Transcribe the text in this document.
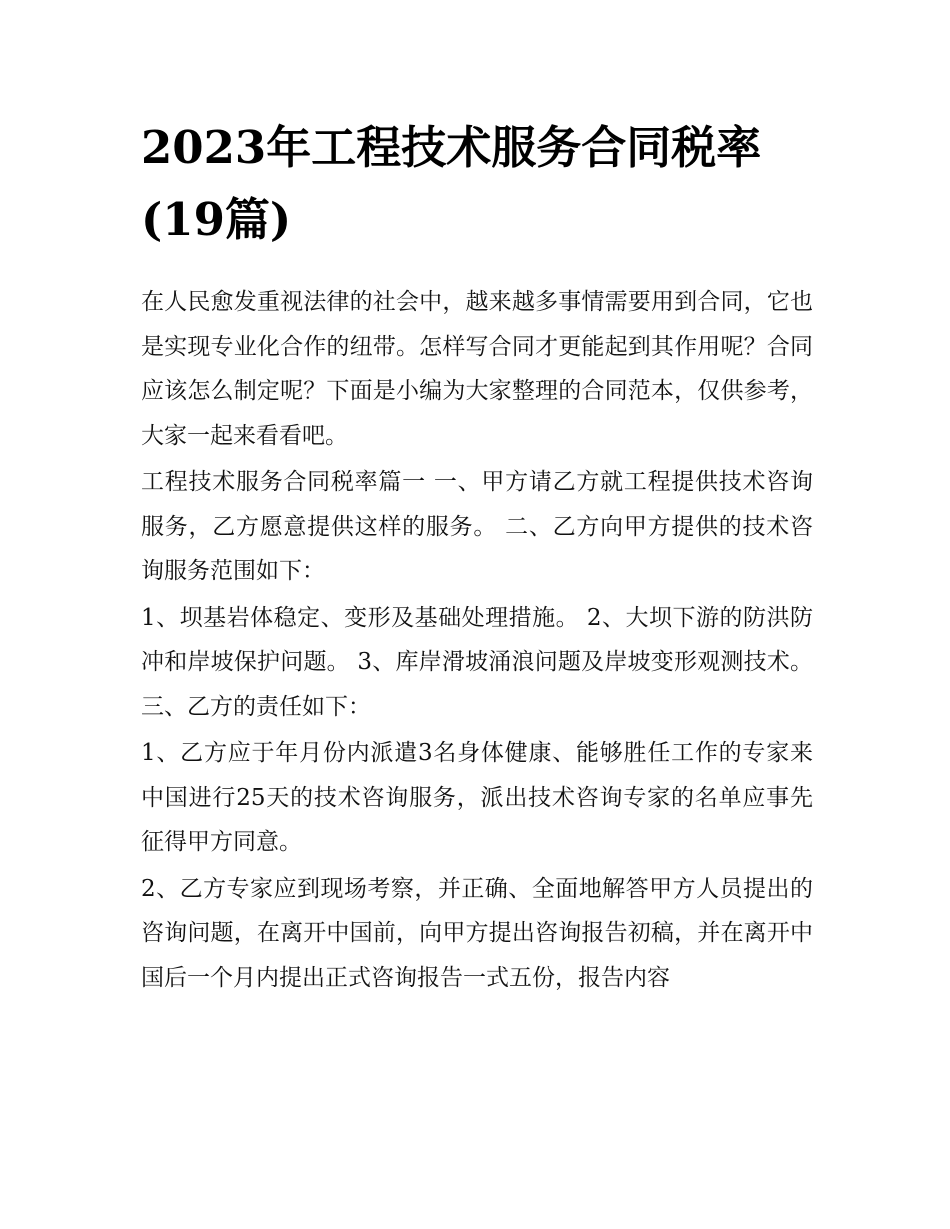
2023年工程技术服务合同税率(19篇)

在人民愈发重视法律的社会中，越来越多事情需要用到合同，它也是实现专业化合作的纽带。怎样写合同才更能起到其作用呢？合同应该怎么制定呢？下面是小编为大家整理的合同范本，仅供参考，大家一起来看看吧。

工程技术服务合同税率篇一 一、甲方请乙方就工程提供技术咨询服务，乙方愿意提供这样的服务。 二、乙方向甲方提供的技术咨询服务范围如下：

1、坝基岩体稳定、变形及基础处理措施。 2、大坝下游的防洪防冲和岸坡保护问题。 3、库岸滑坡涌浪问题及岸坡变形观测技术。 三、乙方的责任如下：

1、乙方应于年月份内派遣3名身体健康、能够胜任工作的专家来中国进行25天的技术咨询服务，派出技术咨询专家的名单应事先征得甲方同意。

2、乙方专家应到现场考察，并正确、全面地解答甲方人员提出的咨询问题，在离开中国前，向甲方提出咨询报告初稿，并在离开中国后一个月内提出正式咨询报告一式五份，报告内容
